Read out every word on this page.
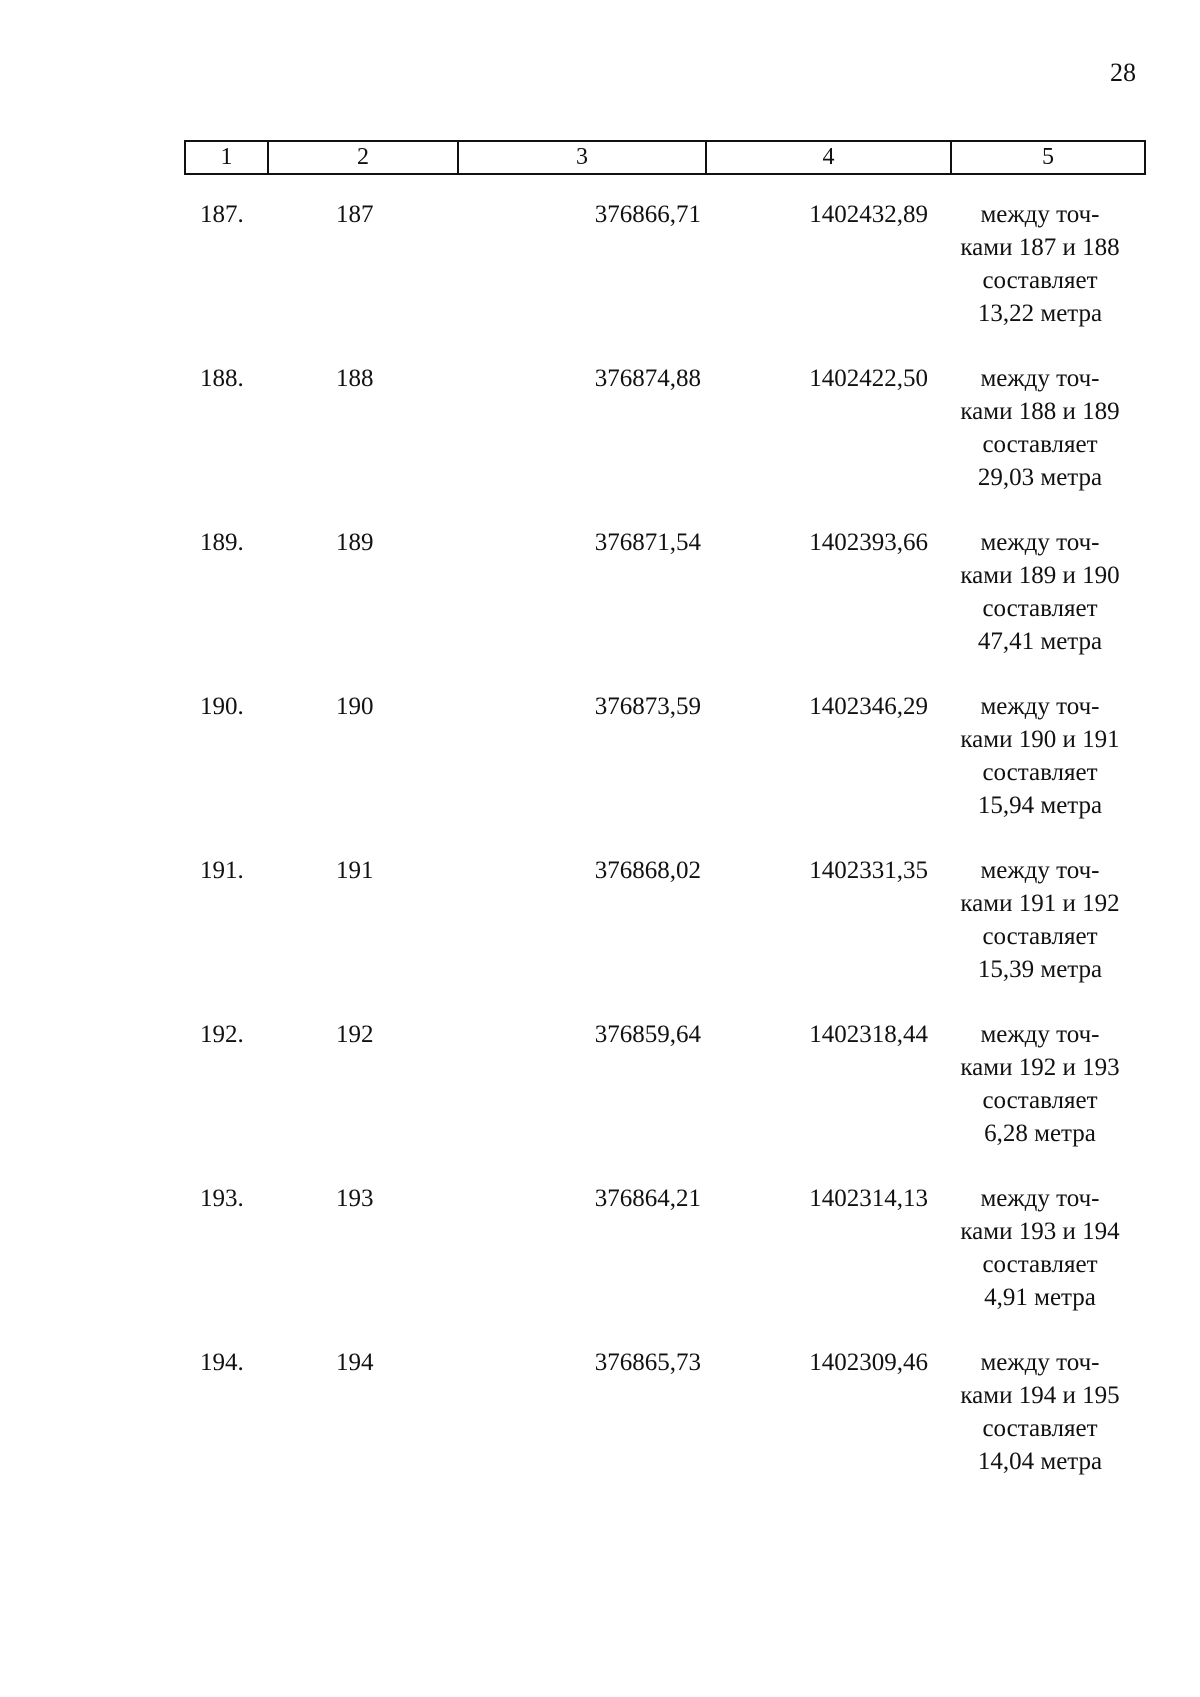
28
1	2	3	4	5
187.	187	376866,71	1402432,89	между точ-
ками 187 и 188
составляет
13,22 метра
188.	188	376874,88	1402422,50	между точ-
ками 188 и 189
составляет
29,03 метра
189.	189	376871,54	1402393,66	между точ-
ками 189 и 190
составляет
47,41 метра
190.	190	376873,59	1402346,29	между точ-
ками 190 и 191
составляет
15,94 метра
191.	191	376868,02	1402331,35	между точ-
ками 191 и 192
составляет
15,39 метра
192.	192	376859,64	1402318,44	между точ-
ками 192 и 193
составляет
6,28 метра
193.	193	376864,21	1402314,13	между точ-
ками 193 и 194
составляет
4,91 метра
194.	194	376865,73	1402309,46	между точ-
ками 194 и 195
составляет
14,04 метра
